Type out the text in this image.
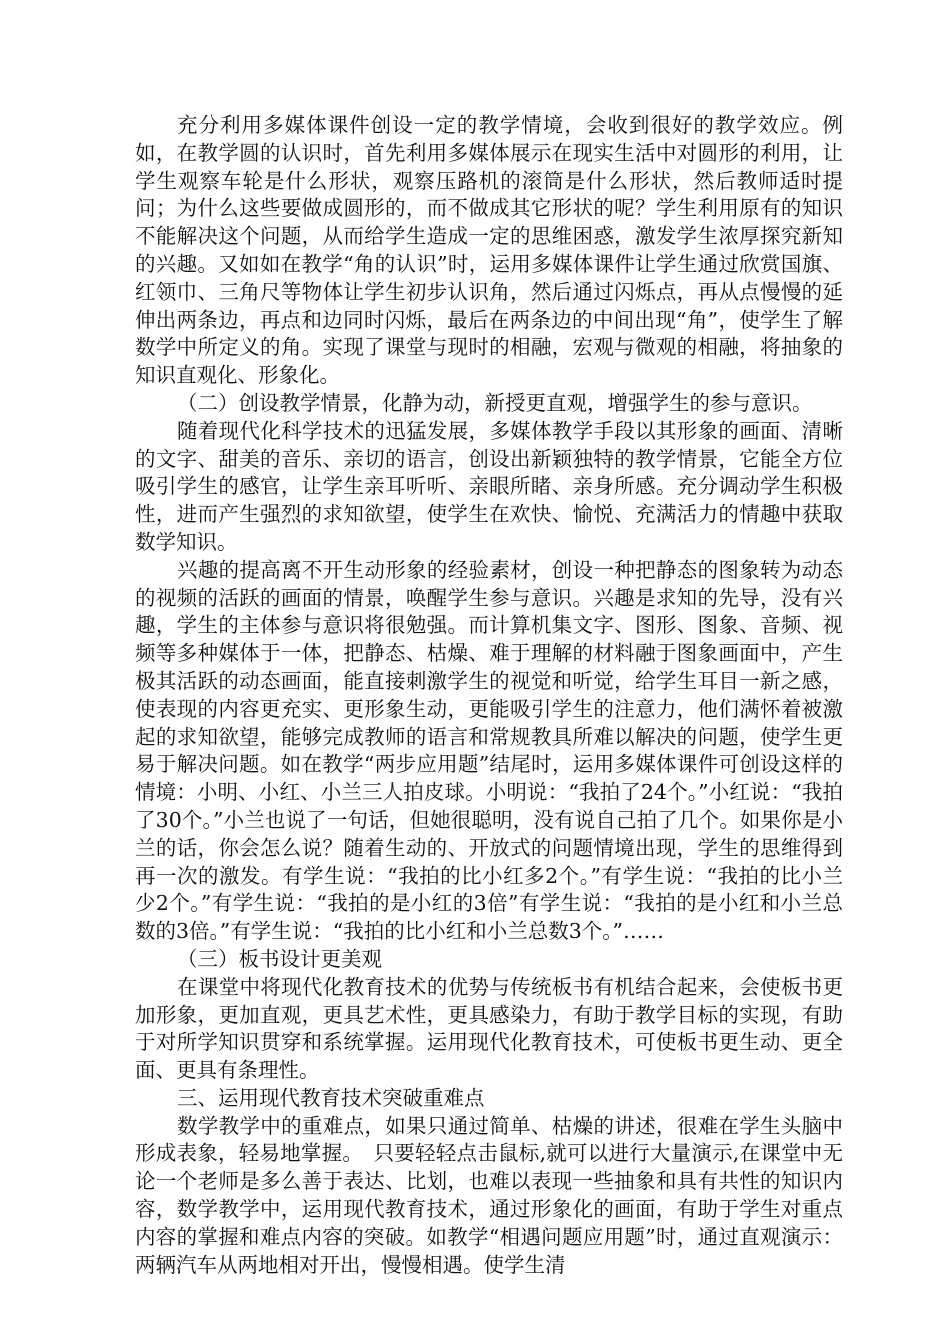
充分利用多媒体课件创设一定的教学情境，会收到很好的教学效应。例如，在教学圆的认识时，首先利用多媒体展示在现实生活中对圆形的利用，让学生观察车轮是什么形状，观察压路机的滚筒是什么形状，然后教师适时提问；为什么这些要做成圆形的，而不做成其它形状的呢？学生利用原有的知识不能解决这个问题，从而给学生造成一定的思维困惑，激发学生浓厚探究新知的兴趣。又如如在教学“角的认识”时，运用多媒体课件让学生通过欣赏国旗、红领巾、三角尺等物体让学生初步认识角，然后通过闪烁点，再从点慢慢的延伸出两条边，再点和边同时闪烁，最后在两条边的中间出现“角”，使学生了解数学中所定义的角。实现了课堂与现时的相融，宏观与微观的相融，将抽象的知识直观化、形象化。

（二）创设教学情景，化静为动，新授更直观，增强学生的参与意识。

随着现代化科学技术的迅猛发展，多媒体教学手段以其形象的画面、清晰的文字、甜美的音乐、亲切的语言，创设出新颖独特的教学情景，它能全方位吸引学生的感官，让学生亲耳听听、亲眼所睹、亲身所感。充分调动学生积极性，进而产生强烈的求知欲望，使学生在欢快、愉悦、充满活力的情趣中获取数学知识。

兴趣的提高离不开生动形象的经验素材，创设一种把静态的图象转为动态的视频的活跃的画面的情景，唤醒学生参与意识。兴趣是求知的先导，没有兴趣，学生的主体参与意识将很勉强。而计算机集文字、图形、图象、音频、视频等多种媒体于一体，把静态、枯燥、难于理解的材料融于图象画面中，产生极其活跃的动态画面，能直接刺激学生的视觉和听觉，给学生耳目一新之感，使表现的内容更充实、更形象生动，更能吸引学生的注意力，他们满怀着被激起的求知欲望，能够完成教师的语言和常规教具所难以解决的问题，使学生更易于解决问题。如在教学“两步应用题”结尾时，运用多媒体课件可创设这样的情境：小明、小红、小兰三人拍皮球。小明说：“我拍了24个。”小红说：“我拍了30个。”小兰也说了一句话，但她很聪明，没有说自己拍了几个。如果你是小兰的话，你会怎么说？随着生动的、开放式的问题情境出现，学生的思维得到再一次的激发。有学生说：“我拍的比小红多2个。”有学生说：“我拍的比小兰少2个。”有学生说：“我拍的是小红的3倍”有学生说：“我拍的是小红和小兰总数的3倍。”有学生说：“我拍的比小红和小兰总数3个。”……

（三）板书设计更美观

在课堂中将现代化教育技术的优势与传统板书有机结合起来，会使板书更加形象，更加直观，更具艺术性，更具感染力，有助于教学目标的实现，有助于对所学知识贯穿和系统掌握。运用现代化教育技术，可使板书更生动、更全面、更具有条理性。

三、运用现代教育技术突破重难点

数学教学中的重难点，如果只通过简单、枯燥的讲述，很难在学生头脑中形成表象，轻易地掌握。　只要轻轻点击鼠标,就可以进行大量演示,在课堂中无论一个老师是多么善于表达、比划，也难以表现一些抽象和具有共性的知识内容，数学教学中，运用现代教育技术，通过形象化的画面，有助于学生对重点内容的掌握和难点内容的突破。如教学“相遇问题应用题”时，通过直观演示：两辆汽车从两地相对开出，慢慢相遇。使学生清
